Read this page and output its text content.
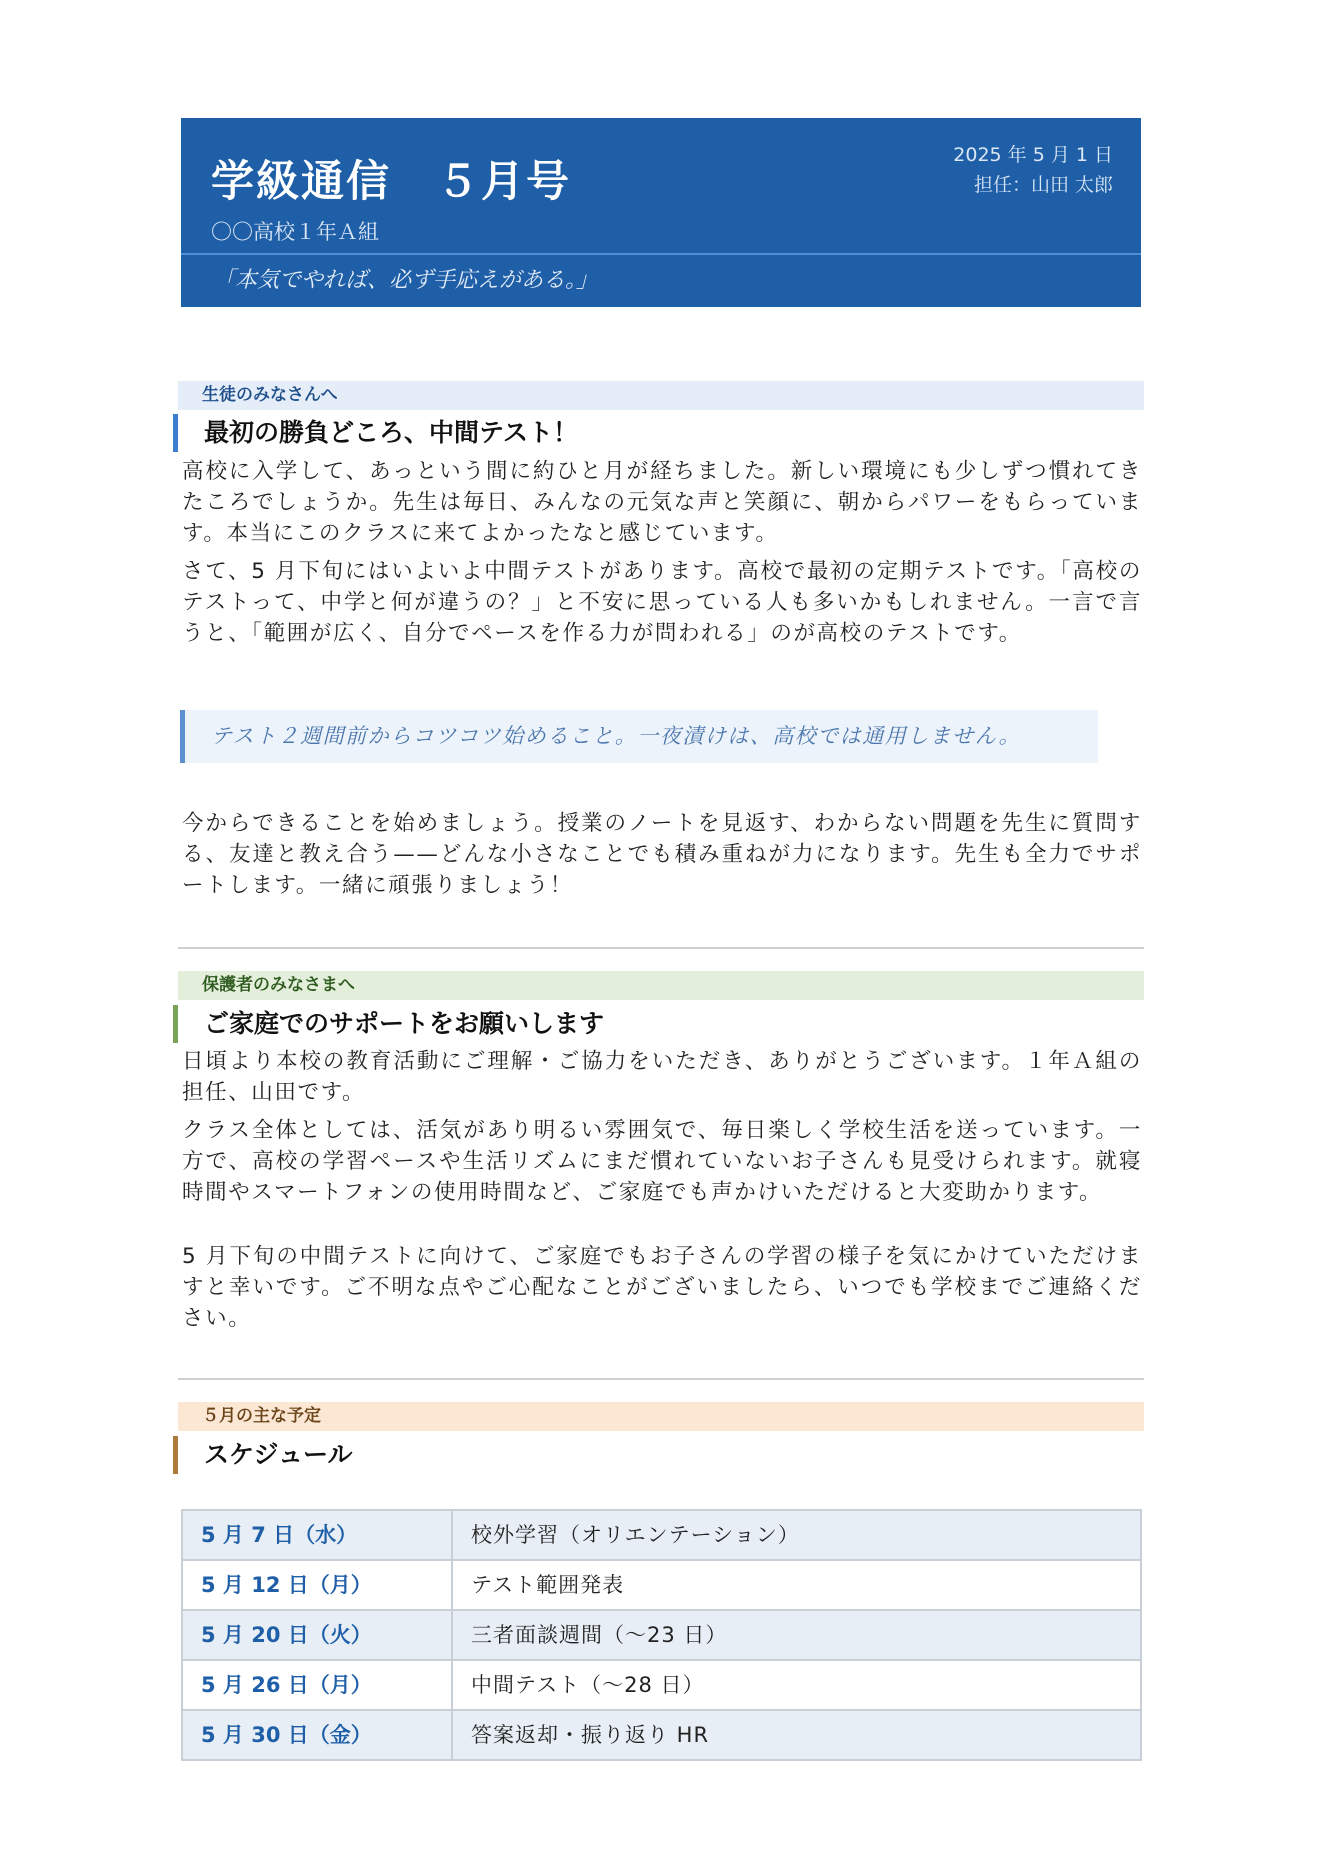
学級通信　５月号
〇〇高校１年Ａ組
2025 年 5 月 1 日
担任：山田 太郎
「本気でやれば、必ず手応えがある。」
生徒のみなさんへ
最初の勝負どころ、中間テスト！

高校に入学して、あっという間に約ひと月が経ちました。新しい環境にも少しずつ慣れてきたころでしょうか。先生は毎日、みんなの元気な声と笑顔に、朝からパワーをもらっています。本当にこのクラスに来てよかったなと感じています。

さて、5 月下旬にはいよいよ中間テストがあります。高校で最初の定期テストです。「高校のテストって、中学と何が違うの？」と不安に思っている人も多いかもしれません。一言で言うと、「範囲が広く、自分でペースを作る力が問われる」のが高校のテストです。

テスト２週間前からコツコツ始めること。一夜漬けは、高校では通用しません。

今からできることを始めましょう。授業のノートを見返す、わからない問題を先生に質問する、友達と教え合う——どんな小さなことでも積み重ねが力になります。先生も全力でサポートします。一緒に頑張りましょう！

保護者のみなさまへ
ご家庭でのサポートをお願いします

日頃より本校の教育活動にご理解・ご協力をいただき、ありがとうございます。１年Ａ組の担任、山田です。

クラス全体としては、活気があり明るい雰囲気で、毎日楽しく学校生活を送っています。一方で、高校の学習ペースや生活リズムにまだ慣れていないお子さんも見受けられます。就寝時間やスマートフォンの使用時間など、ご家庭でも声かけいただけると大変助かります。

5 月下旬の中間テストに向けて、ご家庭でもお子さんの学習の様子を気にかけていただけますと幸いです。ご不明な点やご心配なことがございましたら、いつでも学校までご連絡ください。

５月の主な予定
スケジュール
5 月 7 日（水）	校外学習（オリエンテーション）
5 月 12 日（月）	テスト範囲発表
5 月 20 日（火）	三者面談週間（〜23 日）
5 月 26 日（月）	中間テスト（〜28 日）
5 月 30 日（金）	答案返却・振り返り HR
